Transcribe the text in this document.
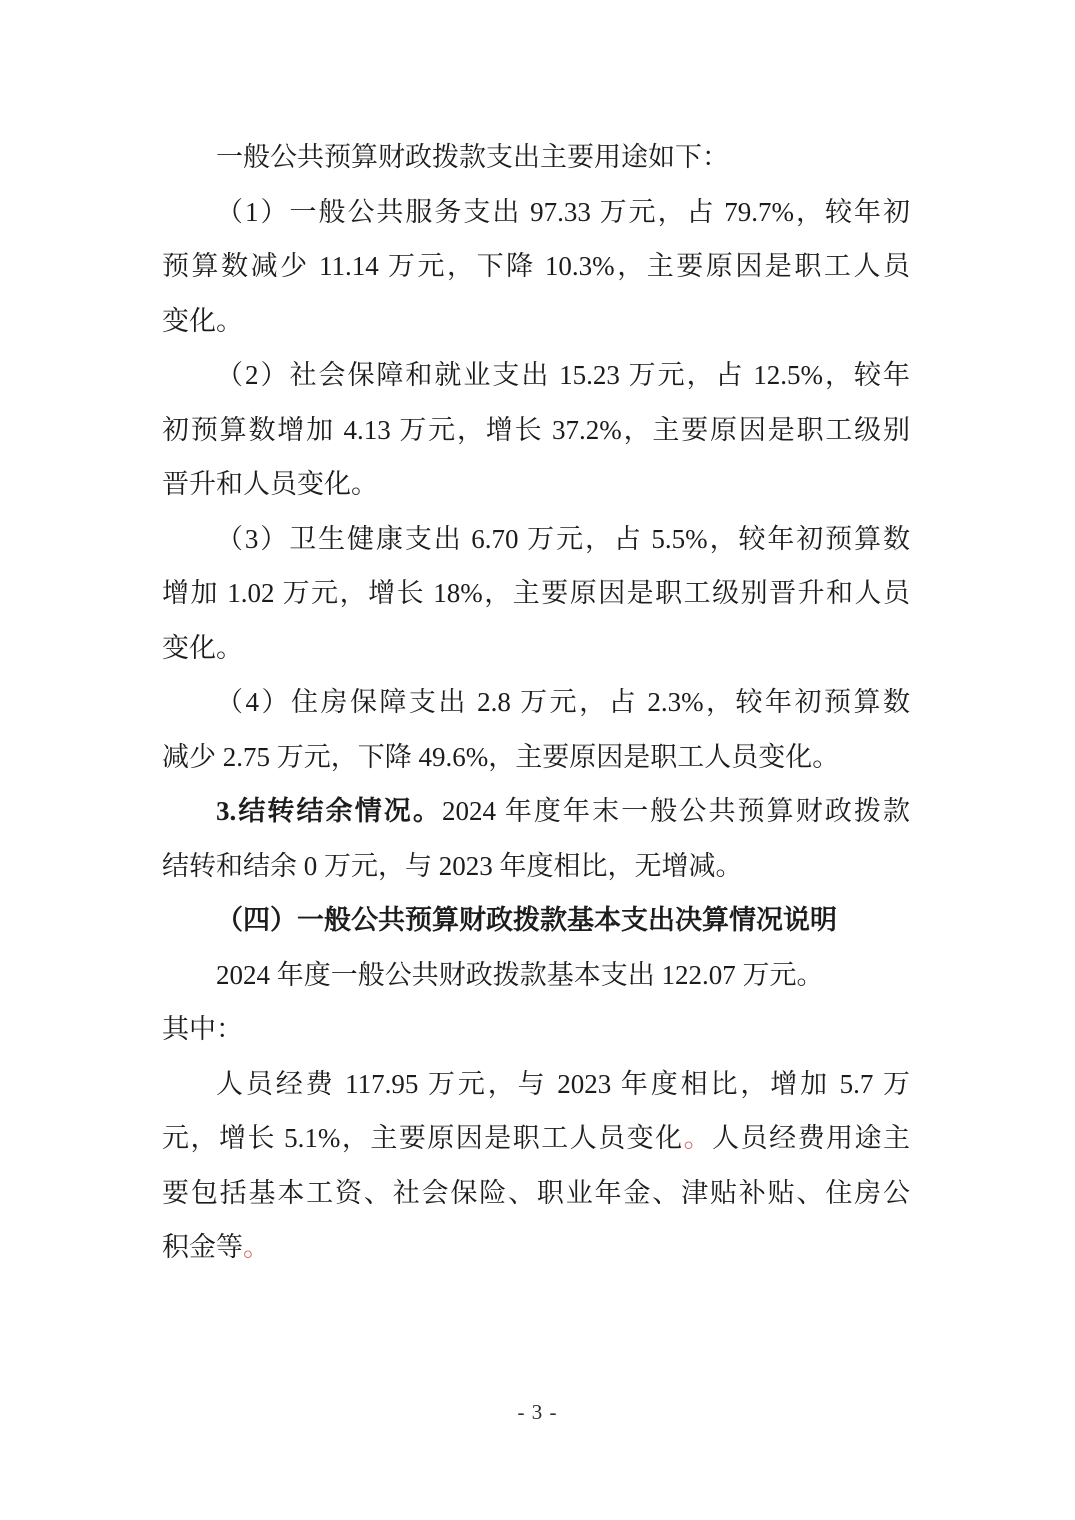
一般公共预算财政拨款支出主要用途如下：
（1）一般公共服务支出 97.33 万元，占 79.7%，较年初
预算数减少 11.14 万元，下降 10.3%，主要原因是职工人员
变化。
（2）社会保障和就业支出 15.23 万元，占 12.5%，较年
初预算数增加 4.13 万元，增长 37.2%，主要原因是职工级别
晋升和人员变化。
（3）卫生健康支出 6.70 万元，占 5.5%，较年初预算数
增加 1.02 万元，增长 18%，主要原因是职工级别晋升和人员
变化。
（4）住房保障支出 2.8 万元，占 2.3%，较年初预算数
减少 2.75 万元，下降 49.6%，主要原因是职工人员变化。
3.结转结余情况。2024 年度年末一般公共预算财政拨款
结转和结余 0 万元，与 2023 年度相比，无增减。
（四）一般公共预算财政拨款基本支出决算情况说明
2024 年度一般公共财政拨款基本支出 122.07 万元。
其中：
人员经费 117.95 万元，与 2023 年度相比，增加 5.7 万
元，增长 5.1%，主要原因是职工人员变化。人员经费用途主
要包括基本工资、社会保险、职业年金、津贴补贴、住房公
积金等。
- 3 -
